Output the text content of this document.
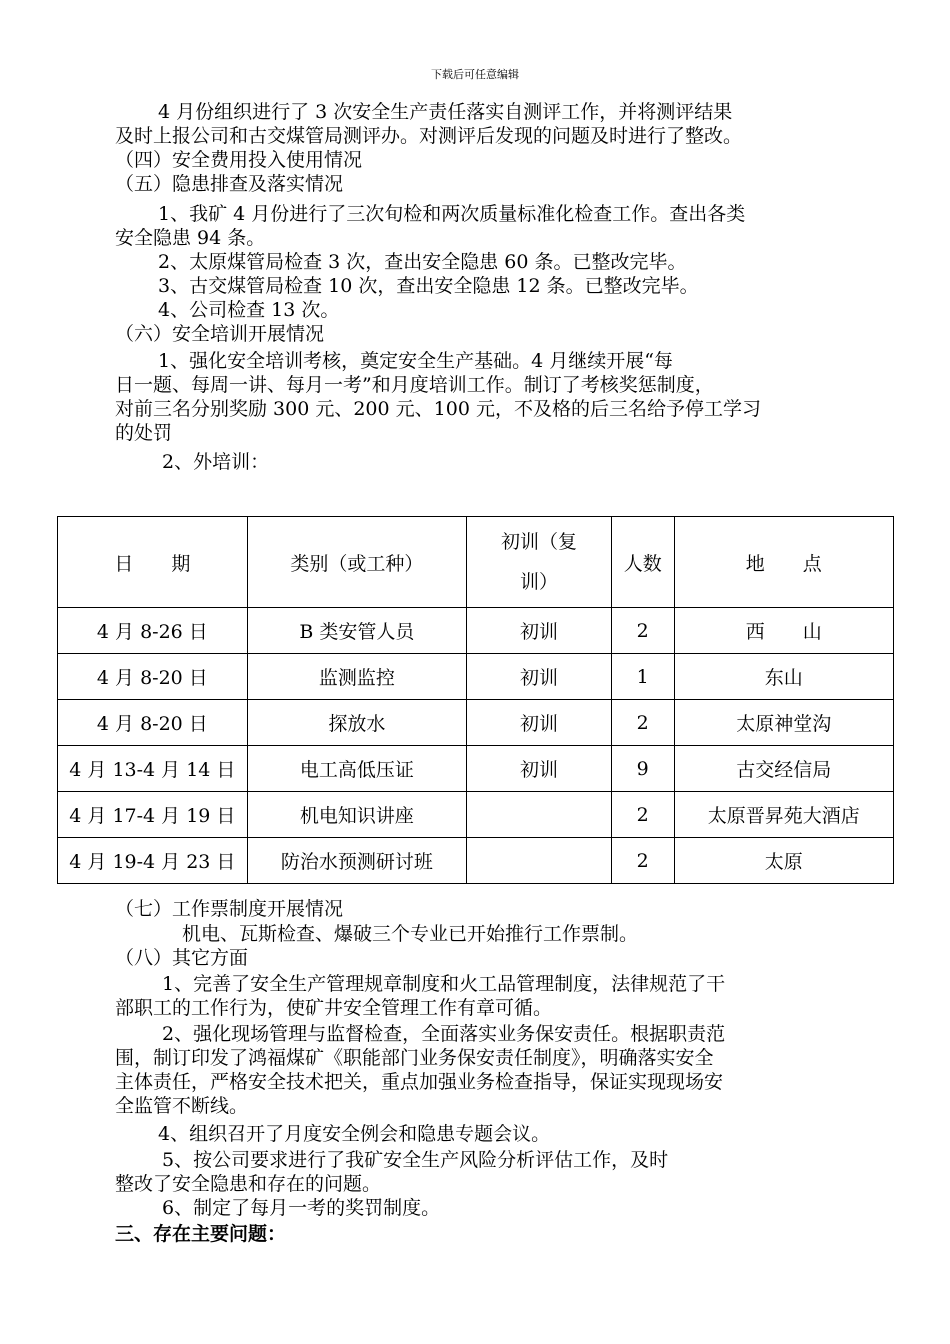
下载后可任意编辑
4 月份组织进行了 3 次安全生产责任落实自测评工作，并将测评结果
及时上报公司和古交煤管局测评办。对测评后发现的问题及时进行了整改。
（四）安全费用投入使用情况
（五）隐患排查及落实情况
1、我矿 4 月份进行了三次旬检和两次质量标准化检查工作。查出各类
安全隐患 94 条。
2、太原煤管局检查 3 次，查出安全隐患 60 条。已整改完毕。
3、古交煤管局检查 10 次，查出安全隐患 12 条。已整改完毕。
4、公司检查 13 次。
（六）安全培训开展情况
1、强化安全培训考核，奠定安全生产基础。4 月继续开展“每
日一题、每周一讲、每月一考”和月度培训工作。制订了考核奖惩制度，
对前三名分别奖励 300 元、200 元、100 元，不及格的后三名给予停工学习
的处罚
2、外培训：
日　　期	类别（或工种）	初训（复
训）	人数	地　　点
4 月 8-26 日	B 类安管人员	初训	2	西　　山
4 月 8-20 日	监测监控	初训	1	东山
4 月 8-20 日	探放水	初训	2	太原神堂沟
4 月 13-4 月 14 日	电工高低压证	初训	9	古交经信局
4 月 17-4 月 19 日	机电知识讲座		2	太原晋昇苑大酒店
4 月 19-4 月 23 日	防治水预测研讨班		2	太原
（七）工作票制度开展情况
机电、瓦斯检查、爆破三个专业已开始推行工作票制。
（八）其它方面
1、完善了安全生产管理规章制度和火工品管理制度，法律规范了干
部职工的工作行为，使矿井安全管理工作有章可循。
2、强化现场管理与监督检查，全面落实业务保安责任。根据职责范
围，制订印发了鸿福煤矿《职能部门业务保安责任制度》，明确落实安全
主体责任，严格安全技术把关，重点加强业务检查指导，保证实现现场安
全监管不断线。
4、组织召开了月度安全例会和隐患专题会议。
5、按公司要求进行了我矿安全生产风险分析评估工作，及时
整改了安全隐患和存在的问题。
6、制定了每月一考的奖罚制度。
三、存在主要问题：
